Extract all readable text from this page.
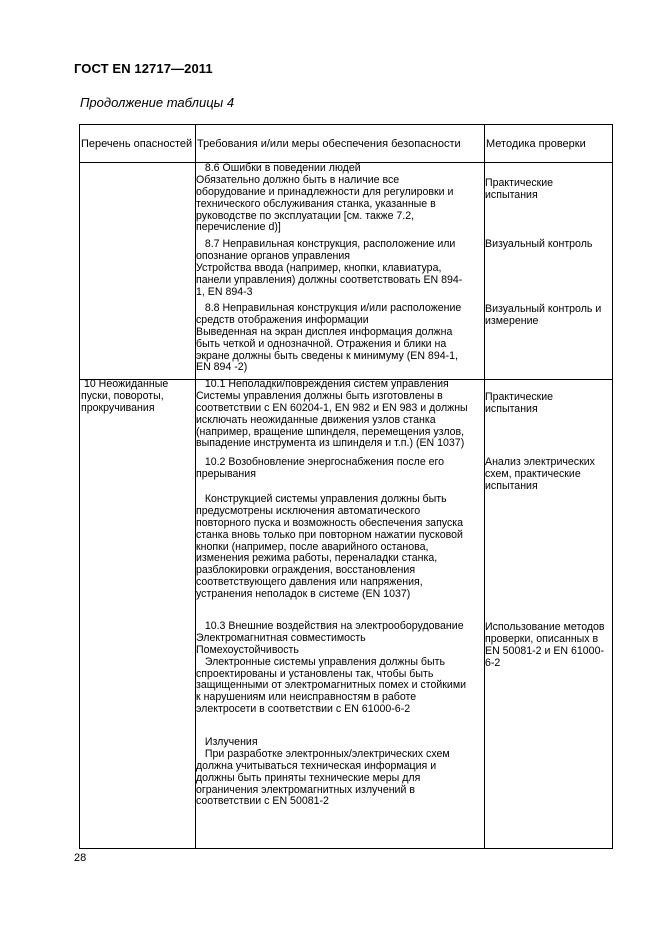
ГОСТ EN 12717—2011
Продолжение таблицы 4
Перечень опасностей Требования и/или меры обеспечения безопасности Методика проверки
8.6 Ошибки в поведении людей
Обязательно должно быть в наличие все
оборудование и принадлежности для регулировки и
технического обслуживания станка, указанные в
руководстве по эксплуатации [см. также 7.2,
перечисление d)]
8.7 Неправильная конструкция, расположение или
опознание органов управления
Устройства ввода (например, кнопки, клавиатура,
панели управления) должны соответствовать EN 894-
1, EN 894-3
8.8 Неправильная конструкция и/или расположение
средств отображения информации
Выведенная на экран дисплея информация должна
быть четкой и однозначной. Отражения и блики на
экране должны быть сведены к минимуму (EN 894-1,
EN 894 -2)
Практические
испытания
Визуальный контроль
Визуальный контроль и
измерение
10 Неожиданные
пуски, повороты,
прокручивания
10.1 Неполадки/повреждения систем управления
Системы управления должны быть изготовлены в
соответствии с EN 60204-1, EN 982 и EN 983 и должны
исключать неожиданные движения узлов станка
(например, вращение шпинделя, перемещения узлов,
выпадение инструмента из шпинделя и т.п.) (EN 1037)
10.2 Возобновление энергоснабжения после его
прерывания
Конструкцией системы управления должны быть
предусмотрены исключения автоматического
повторного пуска и возможность обеспечения запуска
станка вновь только при повторном нажатии пусковой
кнопки (например, после аварийного останова,
изменения режима работы, переналадки станка,
разблокировки ограждения, восстановления
соответствующего давления или напряжения,
устранения неполадок в системе (EN 1037)
10.3 Внешние воздействия на электрооборудование
Электромагнитная совместимость
Помехоустойчивость
Электронные системы управления должны быть
спроектированы и установлены так, чтобы быть
защищенными от электромагнитных помех и стойкими
к нарушениям или неисправностям в работе
электросети в соответствии с EN 61000-6-2
Излучения
При разработке электронных/электрических схем
должна учитываться техническая информация и
должны быть приняты технические меры для
ограничения электромагнитных излучений в
соответствии с EN 50081-2
Практические
испытания
Анализ электрических
схем, практические
испытания
Использование методов
проверки, описанных в
EN 50081-2 и EN 61000-
6-2
28
